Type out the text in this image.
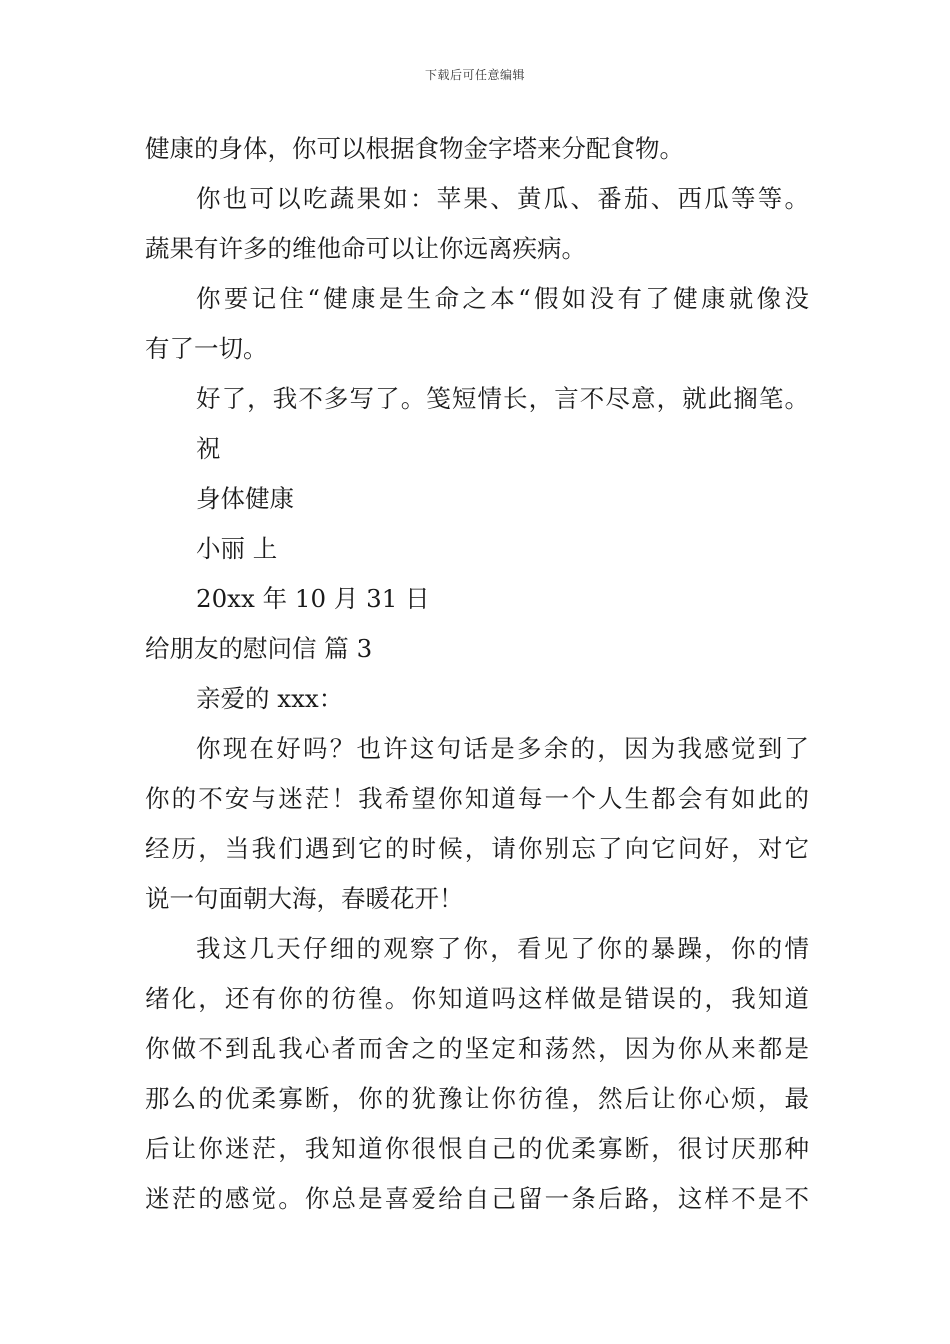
下载后可任意编辑
健康的身体，你可以根据食物金字塔来分配食物。
你也可以吃蔬果如：苹果、黄瓜、番茄、西瓜等等。
蔬果有许多的维他命可以让你远离疾病。
你要记住“健康是生命之本“假如没有了健康就像没
有了一切。
好了，我不多写了。笺短情长，言不尽意，就此搁笔。
祝
身体健康
小丽 上
20xx 年 10 月 31 日
给朋友的慰问信 篇 3
亲爱的 xxx：
你现在好吗？也许这句话是多余的，因为我感觉到了
你的不安与迷茫！我希望你知道每一个人生都会有如此的
经历，当我们遇到它的时候，请你别忘了向它问好，对它
说一句面朝大海，春暖花开！
我这几天仔细的观察了你，看见了你的暴躁，你的情
绪化，还有你的彷徨。你知道吗这样做是错误的，我知道
你做不到乱我心者而舍之的坚定和荡然，因为你从来都是
那么的优柔寡断，你的犹豫让你彷徨，然后让你心烦，最
后让你迷茫，我知道你很恨自己的优柔寡断，很讨厌那种
迷茫的感觉。你总是喜爱给自己留一条后路，这样不是不
